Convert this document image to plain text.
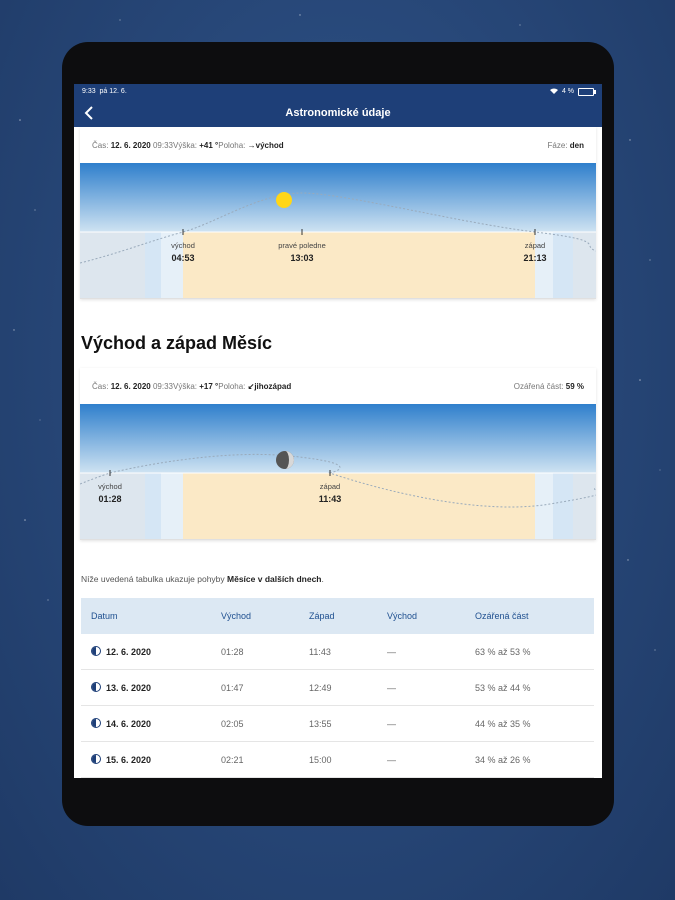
9:33 pá 12. 6.	4 %
Astronomické údaje
Čas: 12. 6. 2020 09:33 Výška: +41 ° Poloha: →východ	Fáze: den
východ
04:53
pravé poledne
13:03
západ
21:13
Východ a západ Měsíc
Čas: 12. 6. 2020 09:33 Výška: +17 ° Poloha: ↙jihozápad	Ozářená část: 59 %
východ
01:28
západ
11:43
Níže uvedená tabulka ukazuje pohyby Měsíce v dalších dnech.
Datum	Východ	Západ	Východ	Ozářená část
12. 6. 2020	01:28	11:43	—	63 % až 53 %
13. 6. 2020	01:47	12:49	—	53 % až 44 %
14. 6. 2020	02:05	13:55	—	44 % až 35 %
15. 6. 2020	02:21	15:00	—	34 % až 26 %
